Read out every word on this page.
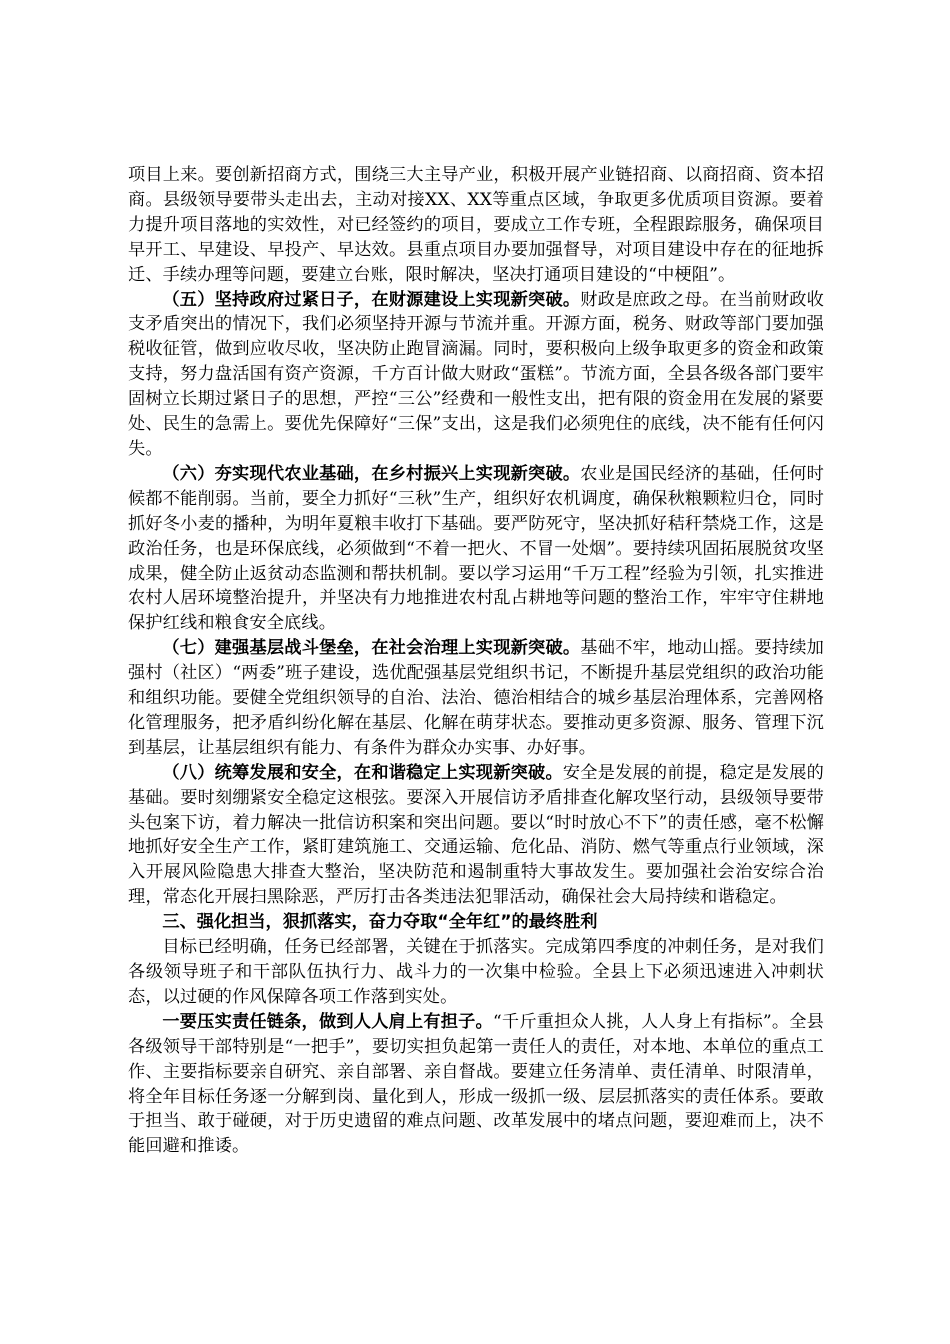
项目上来。要创新招商方式，围绕三大主导产业，积极开展产业链招商、以商招商、资本招商。县级领导要带头走出去，主动对接XX、XX等重点区域，争取更多优质项目资源。要着力提升项目落地的实效性，对已经签约的项目，要成立工作专班，全程跟踪服务，确保项目早开工、早建设、早投产、早达效。县重点项目办要加强督导，对项目建设中存在的征地拆迁、手续办理等问题，要建立台账，限时解决，坚决打通项目建设的“中梗阻”。

（五）坚持政府过紧日子，在财源建设上实现新突破。财政是庶政之母。在当前财政收支矛盾突出的情况下，我们必须坚持开源与节流并重。开源方面，税务、财政等部门要加强税收征管，做到应收尽收，坚决防止跑冒滴漏。同时，要积极向上级争取更多的资金和政策支持，努力盘活国有资产资源，千方百计做大财政“蛋糕”。节流方面，全县各级各部门要牢固树立长期过紧日子的思想，严控“三公”经费和一般性支出，把有限的资金用在发展的紧要处、民生的急需上。要优先保障好“三保”支出，这是我们必须兜住的底线，决不能有任何闪失。

（六）夯实现代农业基础，在乡村振兴上实现新突破。农业是国民经济的基础，任何时候都不能削弱。当前，要全力抓好“三秋”生产，组织好农机调度，确保秋粮颗粒归仓，同时抓好冬小麦的播种，为明年夏粮丰收打下基础。要严防死守，坚决抓好秸秆禁烧工作，这是政治任务，也是环保底线，必须做到“不着一把火、不冒一处烟”。要持续巩固拓展脱贫攻坚成果，健全防止返贫动态监测和帮扶机制。要以学习运用“千万工程”经验为引领，扎实推进农村人居环境整治提升，并坚决有力地推进农村乱占耕地等问题的整治工作，牢牢守住耕地保护红线和粮食安全底线。

（七）建强基层战斗堡垒，在社会治理上实现新突破。基础不牢，地动山摇。要持续加强村（社区）“两委”班子建设，选优配强基层党组织书记，不断提升基层党组织的政治功能和组织功能。要健全党组织领导的自治、法治、德治相结合的城乡基层治理体系，完善网格化管理服务，把矛盾纠纷化解在基层、化解在萌芽状态。要推动更多资源、服务、管理下沉到基层，让基层组织有能力、有条件为群众办实事、办好事。

（八）统筹发展和安全，在和谐稳定上实现新突破。安全是发展的前提，稳定是发展的基础。要时刻绷紧安全稳定这根弦。要深入开展信访矛盾排查化解攻坚行动，县级领导要带头包案下访，着力解决一批信访积案和突出问题。要以“时时放心不下”的责任感，毫不松懈地抓好安全生产工作，紧盯建筑施工、交通运输、危化品、消防、燃气等重点行业领域，深入开展风险隐患大排查大整治，坚决防范和遏制重特大事故发生。要加强社会治安综合治理，常态化开展扫黑除恶，严厉打击各类违法犯罪活动，确保社会大局持续和谐稳定。

三、强化担当，狠抓落实，奋力夺取“全年红”的最终胜利

目标已经明确，任务已经部署，关键在于抓落实。完成第四季度的冲刺任务，是对我们各级领导班子和干部队伍执行力、战斗力的一次集中检验。全县上下必须迅速进入冲刺状态，以过硬的作风保障各项工作落到实处。

一要压实责任链条，做到人人肩上有担子。“千斤重担众人挑，人人身上有指标”。全县各级领导干部特别是“一把手”，要切实担负起第一责任人的责任，对本地、本单位的重点工作、主要指标要亲自研究、亲自部署、亲自督战。要建立任务清单、责任清单、时限清单，将全年目标任务逐一分解到岗、量化到人，形成一级抓一级、层层抓落实的责任体系。要敢于担当、敢于碰硬，对于历史遗留的难点问题、改革发展中的堵点问题，要迎难而上，决不能回避和推诿。
